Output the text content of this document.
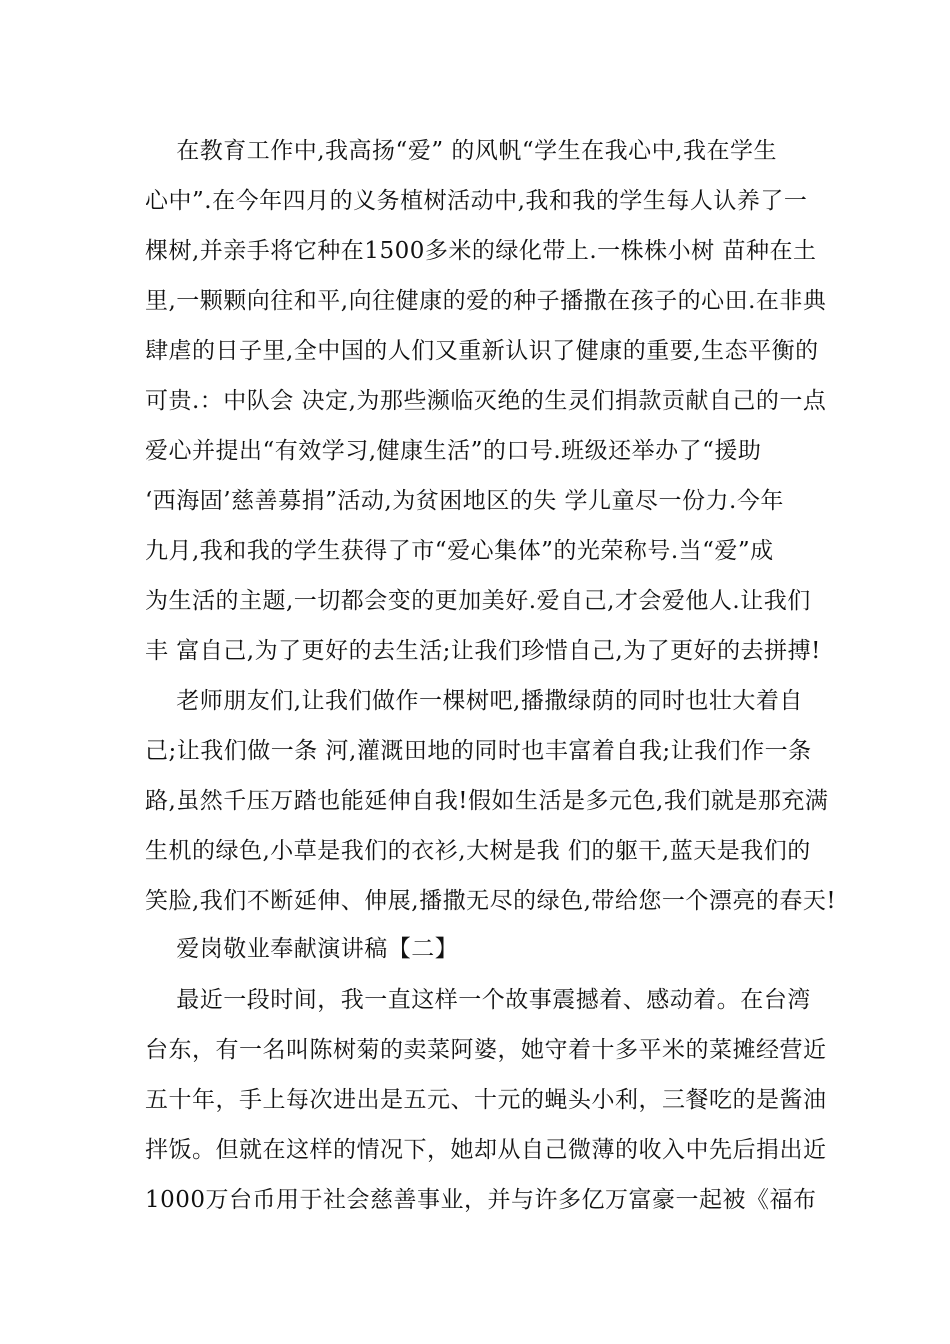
在教育工作中,我高扬“爱” 的风帆“学生在我心中,我在学生
心中”.在今年四月的义务植树活动中,我和我的学生每人认养了一
棵树,并亲手将它种在1500多米的绿化带上.一株株小树 苗种在土
里,一颗颗向往和平,向往健康的爱的种子播撒在孩子的心田.在非典
肆虐的日子里,全中国的人们又重新认识了健康的重要,生态平衡的
可贵.：中队会 决定,为那些濒临灭绝的生灵们捐款贡献自己的一点
爱心并提出“有效学习,健康生活”的口号.班级还举办了“援助
‘西海固’慈善募捐”活动,为贫困地区的失 学儿童尽一份力.今年
九月,我和我的学生获得了市“爱心集体”的光荣称号.当“爱”成
为生活的主题,一切都会变的更加美好.爱自己,才会爱他人.让我们
丰 富自己,为了更好的去生活;让我们珍惜自己,为了更好的去拼搏!
老师朋友们,让我们做作一棵树吧,播撒绿荫的同时也壮大着自
己;让我们做一条 河,灌溉田地的同时也丰富着自我;让我们作一条
路,虽然千压万踏也能延伸自我!假如生活是多元色,我们就是那充满
生机的绿色,小草是我们的衣衫,大树是我 们的躯干,蓝天是我们的
笑脸,我们不断延伸、伸展,播撒无尽的绿色,带给您一个漂亮的春天!
爱岗敬业奉献演讲稿【二】
最近一段时间，我一直这样一个故事震撼着、感动着。在台湾
台东，有一名叫陈树菊的卖菜阿婆，她守着十多平米的菜摊经营近
五十年，手上每次进出是五元、十元的蝇头小利，三餐吃的是酱油
拌饭。但就在这样的情况下，她却从自己微薄的收入中先后捐出近
1000万台币用于社会慈善事业，并与许多亿万富豪一起被《福布
